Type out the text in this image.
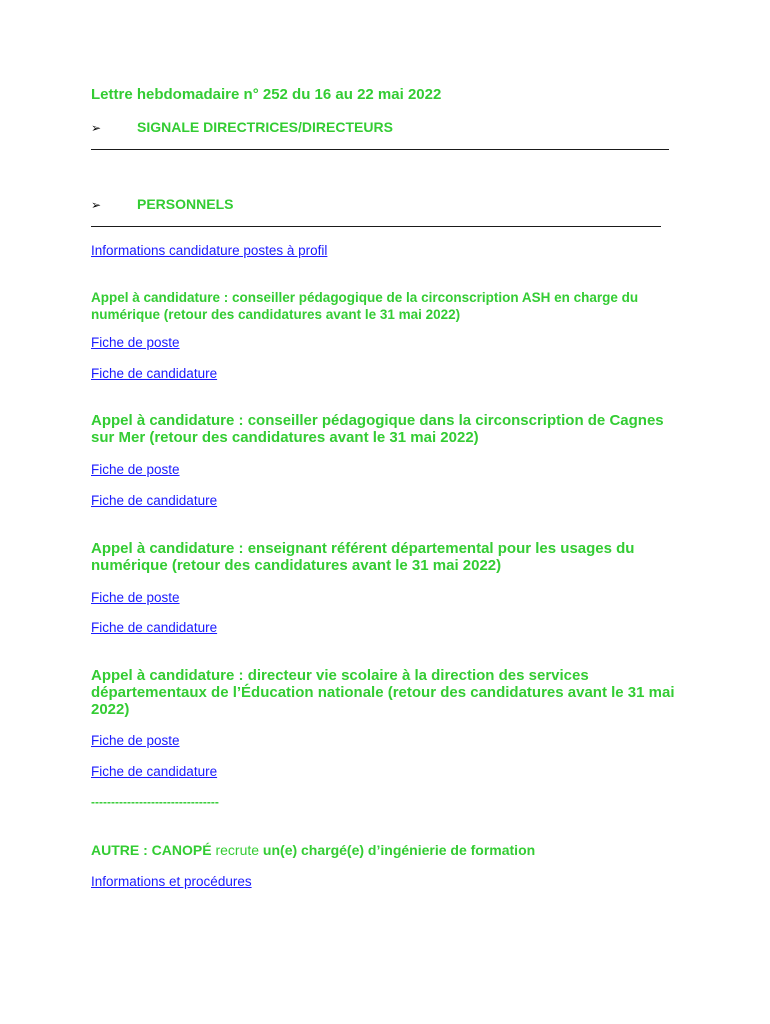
Lettre hebdomadaire n° 252 du 16 au 22 mai 2022
➢	SIGNALE DIRECTRICES/DIRECTEURS
➢	PERSONNELS
Informations candidature postes à profil
Appel à candidature : conseiller pédagogique de la circonscription ASH en charge du numérique (retour des candidatures avant le 31 mai 2022)
Fiche de poste
Fiche de candidature
Appel à candidature : conseiller pédagogique dans la circonscription de Cagnes sur Mer (retour des candidatures avant le 31 mai 2022)
Fiche de poste
Fiche de candidature
Appel à candidature : enseignant référent départemental pour les usages du numérique (retour des candidatures avant le 31 mai 2022)
Fiche de poste
Fiche de candidature
Appel à candidature : directeur vie scolaire à la direction des services départementaux de l’Éducation nationale (retour des candidatures avant le 31 mai 2022)
Fiche de poste
Fiche de candidature
--------------------------------
AUTRE : CANOPÉ recrute un(e) chargé(e) d’ingénierie de formation
Informations et procédures
